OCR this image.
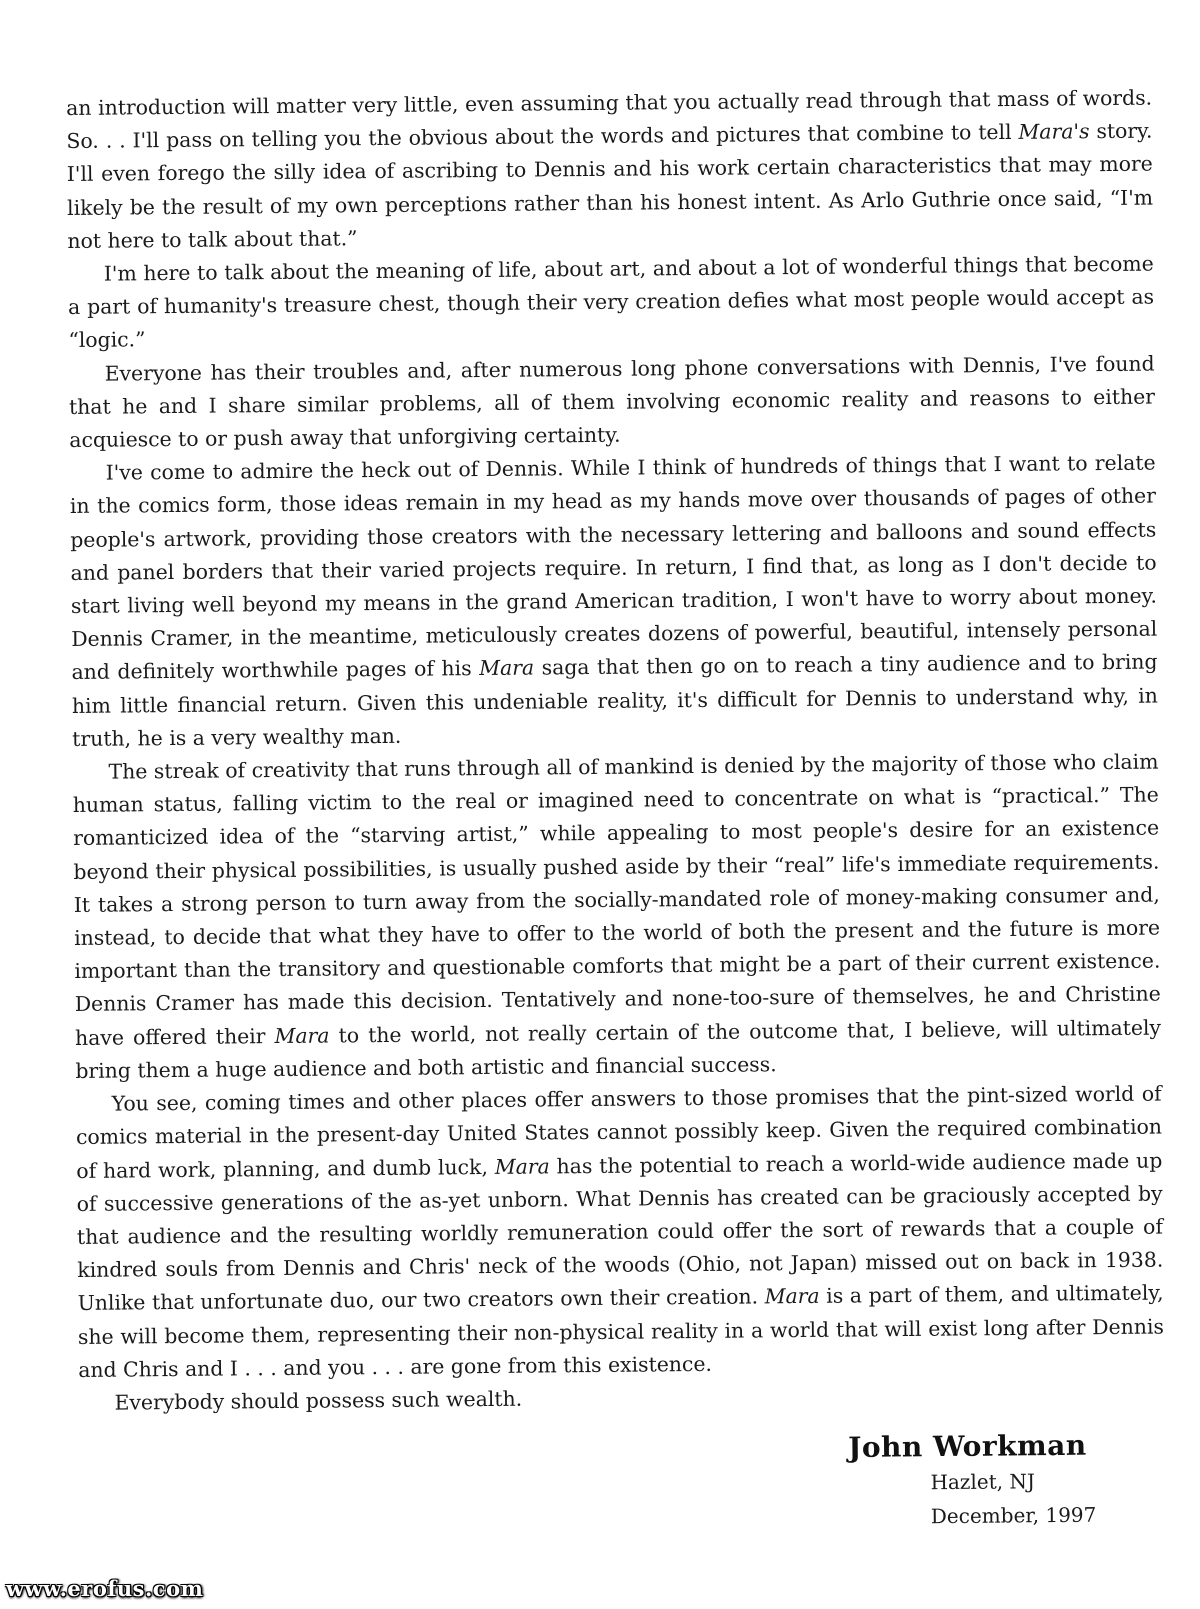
an introduction will matter very little, even assuming that you actually read through that mass of words. So. . . I'll pass on telling you the obvious about the words and pictures that combine to tell Mara's story. I'll even forego the silly idea of ascribing to Dennis and his work certain characteristics that may more likely be the result of my own perceptions rather than his honest intent. As Arlo Guthrie once said, “I'm not here to talk about that.”

I'm here to talk about the meaning of life, about art, and about a lot of wonderful things that become a part of humanity's treasure chest, though their very creation defies what most people would accept as “logic.”

Everyone has their troubles and, after numerous long phone conversations with Dennis, I've found that he and I share similar problems, all of them involving economic reality and reasons to either acquiesce to or push away that unforgiving certainty.

I've come to admire the heck out of Dennis. While I think of hundreds of things that I want to relate in the comics form, those ideas remain in my head as my hands move over thousands of pages of other people's artwork, providing those creators with the necessary lettering and balloons and sound effects and panel borders that their varied projects require. In return, I find that, as long as I don't decide to start living well beyond my means in the grand American tradition, I won't have to worry about money. Dennis Cramer, in the meantime, meticulously creates dozens of powerful, beautiful, intensely personal and definitely worthwhile pages of his Mara saga that then go on to reach a tiny audience and to bring him little financial return. Given this undeniable reality, it's difficult for Dennis to understand why, in truth, he is a very wealthy man.

The streak of creativity that runs through all of mankind is denied by the majority of those who claim human status, falling victim to the real or imagined need to concentrate on what is “practical.” The romanticized idea of the “starving artist,” while appealing to most people's desire for an existence beyond their physical possibilities, is usually pushed aside by their “real” life's immediate requirements. It takes a strong person to turn away from the socially-mandated role of money-making consumer and, instead, to decide that what they have to offer to the world of both the present and the future is more important than the transitory and questionable comforts that might be a part of their current existence. Dennis Cramer has made this decision. Tentatively and none-too-sure of themselves, he and Christine have offered their Mara to the world, not really certain of the outcome that, I believe, will ultimately bring them a huge audience and both artistic and financial success.

You see, coming times and other places offer answers to those promises that the pint-sized world of comics material in the present-day United States cannot possibly keep. Given the required combination of hard work, planning, and dumb luck, Mara has the potential to reach a world-wide audience made up of successive generations of the as-yet unborn. What Dennis has created can be graciously accepted by that audience and the resulting worldly remuneration could offer the sort of rewards that a couple of kindred souls from Dennis and Chris' neck of the woods (Ohio, not Japan) missed out on back in 1938. Unlike that unfortunate duo, our two creators own their creation. Mara is a part of them, and ultimately, she will become them, representing their non-physical reality in a world that will exist long after Dennis and Chris and I . . . and you . . . are gone from this existence.

Everybody should possess such wealth.

John Workman
Hazlet, NJ
December, 1997
www.erofus.com
